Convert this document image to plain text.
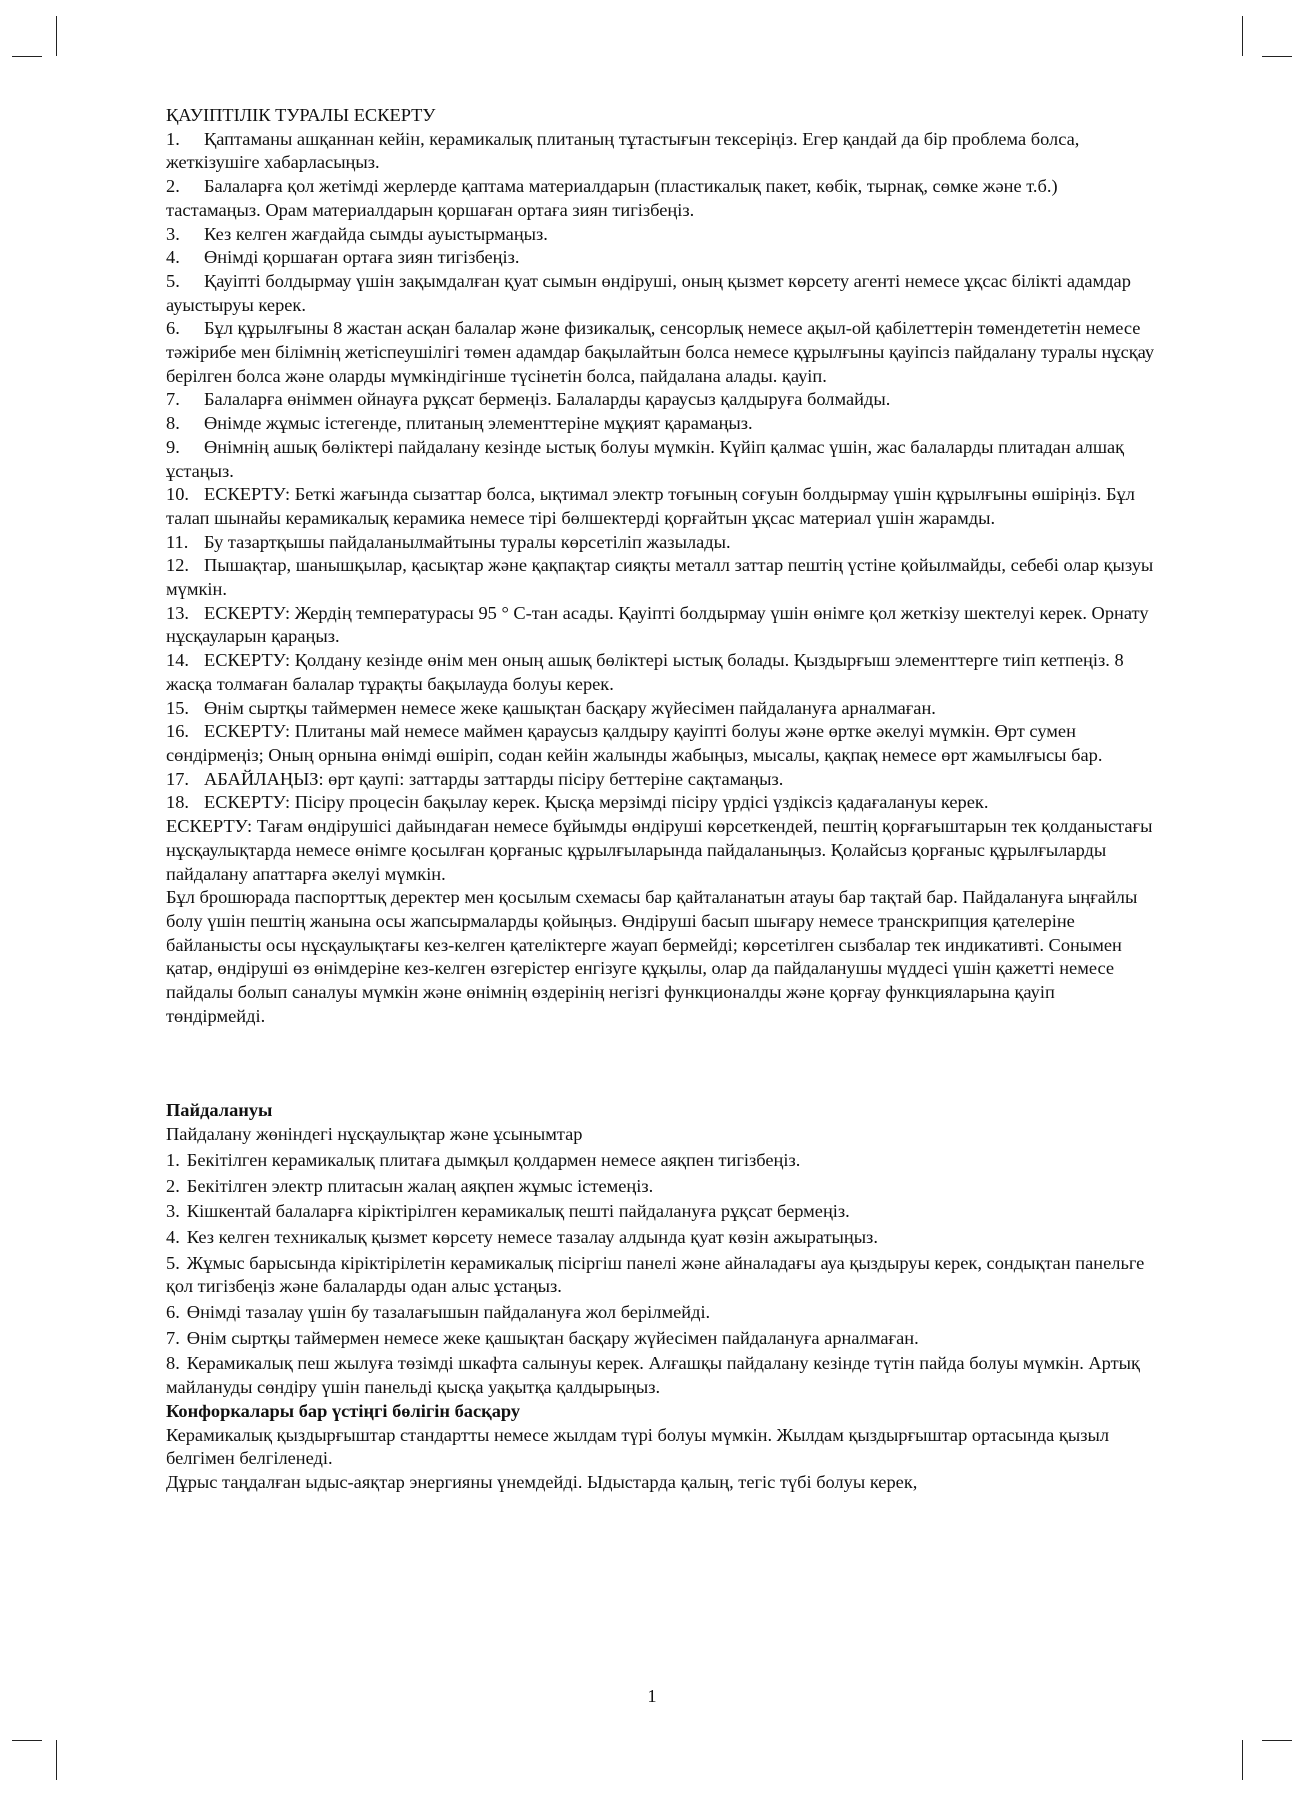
ҚАУІПТІЛІК ТУРАЛЫ ЕСКЕРТУ

1. Қаптаманы ашқаннан кейін, керамикалық плитаның тұтастығын тексеріңіз. Егер қандай да бір проблема болса, жеткізушіге хабарласыңыз.

2. Балаларға қол жетімді жерлерде қаптама материалдарын (пластикалық пакет, көбік, тырнақ, сөмке және т.б.) тастамаңыз. Орам материалдарын қоршаған ортаға зиян тигізбеңіз.

3. Кез келген жағдайда сымды ауыстырмаңыз.

4. Өнімді қоршаған ортаға зиян тигізбеңіз.

5. Қауіпті болдырмау үшін зақымдалған қуат сымын өндіруші, оның қызмет көрсету агенті немесе ұқсас білікті адамдар ауыстыруы керек.

6. Бұл құрылғыны 8 жастан асқан балалар және физикалық, сенсорлық немесе ақыл-ой қабілеттерін төмендететін немесе тәжірибе мен білімнің жетіспеушілігі төмен адамдар бақылайтын болса немесе құрылғыны қауіпсіз пайдалану туралы нұсқау берілген болса және оларды мүмкіндігінше түсінетін болса, пайдалана алады. қауіп.

7. Балаларға өніммен ойнауға рұқсат бермеңіз. Балаларды қараусыз қалдыруға болмайды.

8. Өнімде жұмыс істегенде, плитаның элементтеріне мұқият қарамаңыз.

9. Өнімнің ашық бөліктері пайдалану кезінде ыстық болуы мүмкін. Күйіп қалмас үшін, жас балаларды плитадан алшақ ұстаңыз.

10. ЕСКЕРТУ: Беткі жағында сызаттар болса, ықтимал электр тоғының соғуын болдырмау үшін құрылғыны өшіріңіз. Бұл талап шынайы керамикалық керамика немесе тірі бөлшектерді қорғайтын ұқсас материал үшін жарамды.

11. Бу тазартқышы пайдаланылмайтыны туралы көрсетіліп жазылады.

12. Пышақтар, шанышқылар, қасықтар және қақпақтар сияқты металл заттар пештің үстіне қойылмайды, себебі олар қызуы мүмкін.

13. ЕСКЕРТУ: Жердің температурасы 95 ° C-тан асады. Қауіпті болдырмау үшін өнімге қол жеткізу шектелуі керек. Орнату нұсқауларын қараңыз.

14. ЕСКЕРТУ: Қолдану кезінде өнім мен оның ашық бөліктері ыстық болады. Қыздырғыш элементтерге тиіп кетпеңіз. 8 жасқа толмаған балалар тұрақты бақылауда болуы керек.

15. Өнім сыртқы таймермен немесе жеке қашықтан басқару жүйесімен пайдалануға арналмаған.

16. ЕСКЕРТУ: Плитаны май немесе маймен қараусыз қалдыру қауіпті болуы және өртке әкелуі мүмкін. Өрт сумен сөндірмеңіз; Оның орнына өнімді өшіріп, содан кейін жалынды жабыңыз, мысалы, қақпақ немесе өрт жамылғысы бар.

17. АБАЙЛАҢЫЗ: өрт қаупі: заттарды заттарды пісіру беттеріне сақтамаңыз.

18. ЕСКЕРТУ: Пісіру процесін бақылау керек. Қысқа мерзімді пісіру үрдісі үздіксіз қадағалануы керек.

ЕСКЕРТУ: Тағам өндірушісі дайындаған немесе бұйымды өндіруші көрсеткендей, пештің қорғағыштарын тек қолданыстағы нұсқаулықтарда немесе өнімге қосылған қорғаныс құрылғыларында пайдаланыңыз. Қолайсыз қорғаныс құрылғыларды пайдалану апаттарға әкелуі мүмкін.

Бұл брошюрада паспорттық деректер мен қосылым схемасы бар қайталанатын атауы бар тақтай бар. Пайдалануға ыңғайлы болу үшін пештің жанына осы жапсырмаларды қойыңыз. Өндіруші басып шығару немесе транскрипция қателеріне байланысты осы нұсқаулықтағы кез-келген қателіктерге жауап бермейді; көрсетілген сызбалар тек индикативті. Сонымен қатар, өндіруші өз өнімдеріне кез-келген өзгерістер енгізуге құқылы, олар да пайдаланушы мүддесі үшін қажетті немесе пайдалы болып саналуы мүмкін және өнімнің өздерінің негізгі функционалды және қорғау функцияларына қауіп төндірмейді.

Пайдалануы

Пайдалану жөніндегі нұсқаулықтар және ұсынымтар

1. Бекітілген керамикалық плитаға дымқыл қолдармен немесе аяқпен тигізбеңіз.

2. Бекітілген электр плитасын жалаң аяқпен жұмыс істемеңіз.

3. Кішкентай балаларға кіріктірілген керамикалық пешті пайдалануға рұқсат бермеңіз.

4. Кез келген техникалық қызмет көрсету немесе тазалау алдында қуат көзін ажыратыңыз.

5. Жұмыс барысында кіріктірілетін керамикалық пісіргіш панелі және айналадағы ауа қыздыруы керек, сондықтан панельге қол тигізбеңіз және балаларды одан алыс ұстаңыз.

6. Өнімді тазалау үшін бу тазалағышын пайдалануға жол берілмейді.

7. Өнім сыртқы таймермен немесе жеке қашықтан басқару жүйесімен пайдалануға арналмаған.

8. Керамикалық пеш жылуға төзімді шкафта салынуы керек. Алғашқы пайдалану кезінде түтін пайда болуы мүмкін. Артық майлануды сөндіру үшін панельді қысқа уақытқа қалдырыңыз.

Конфоркалары бар үстіңгі бөлігін басқару

Керамикалық қыздырғыштар стандартты немесе жылдам түрі болуы мүмкін. Жылдам қыздырғыштар ортасында қызыл белгімен белгіленеді.

Дұрыс таңдалған ыдыс-аяқтар энергияны үнемдейді. Ыдыстарда қалың, тегіс түбі болуы керек,

1
